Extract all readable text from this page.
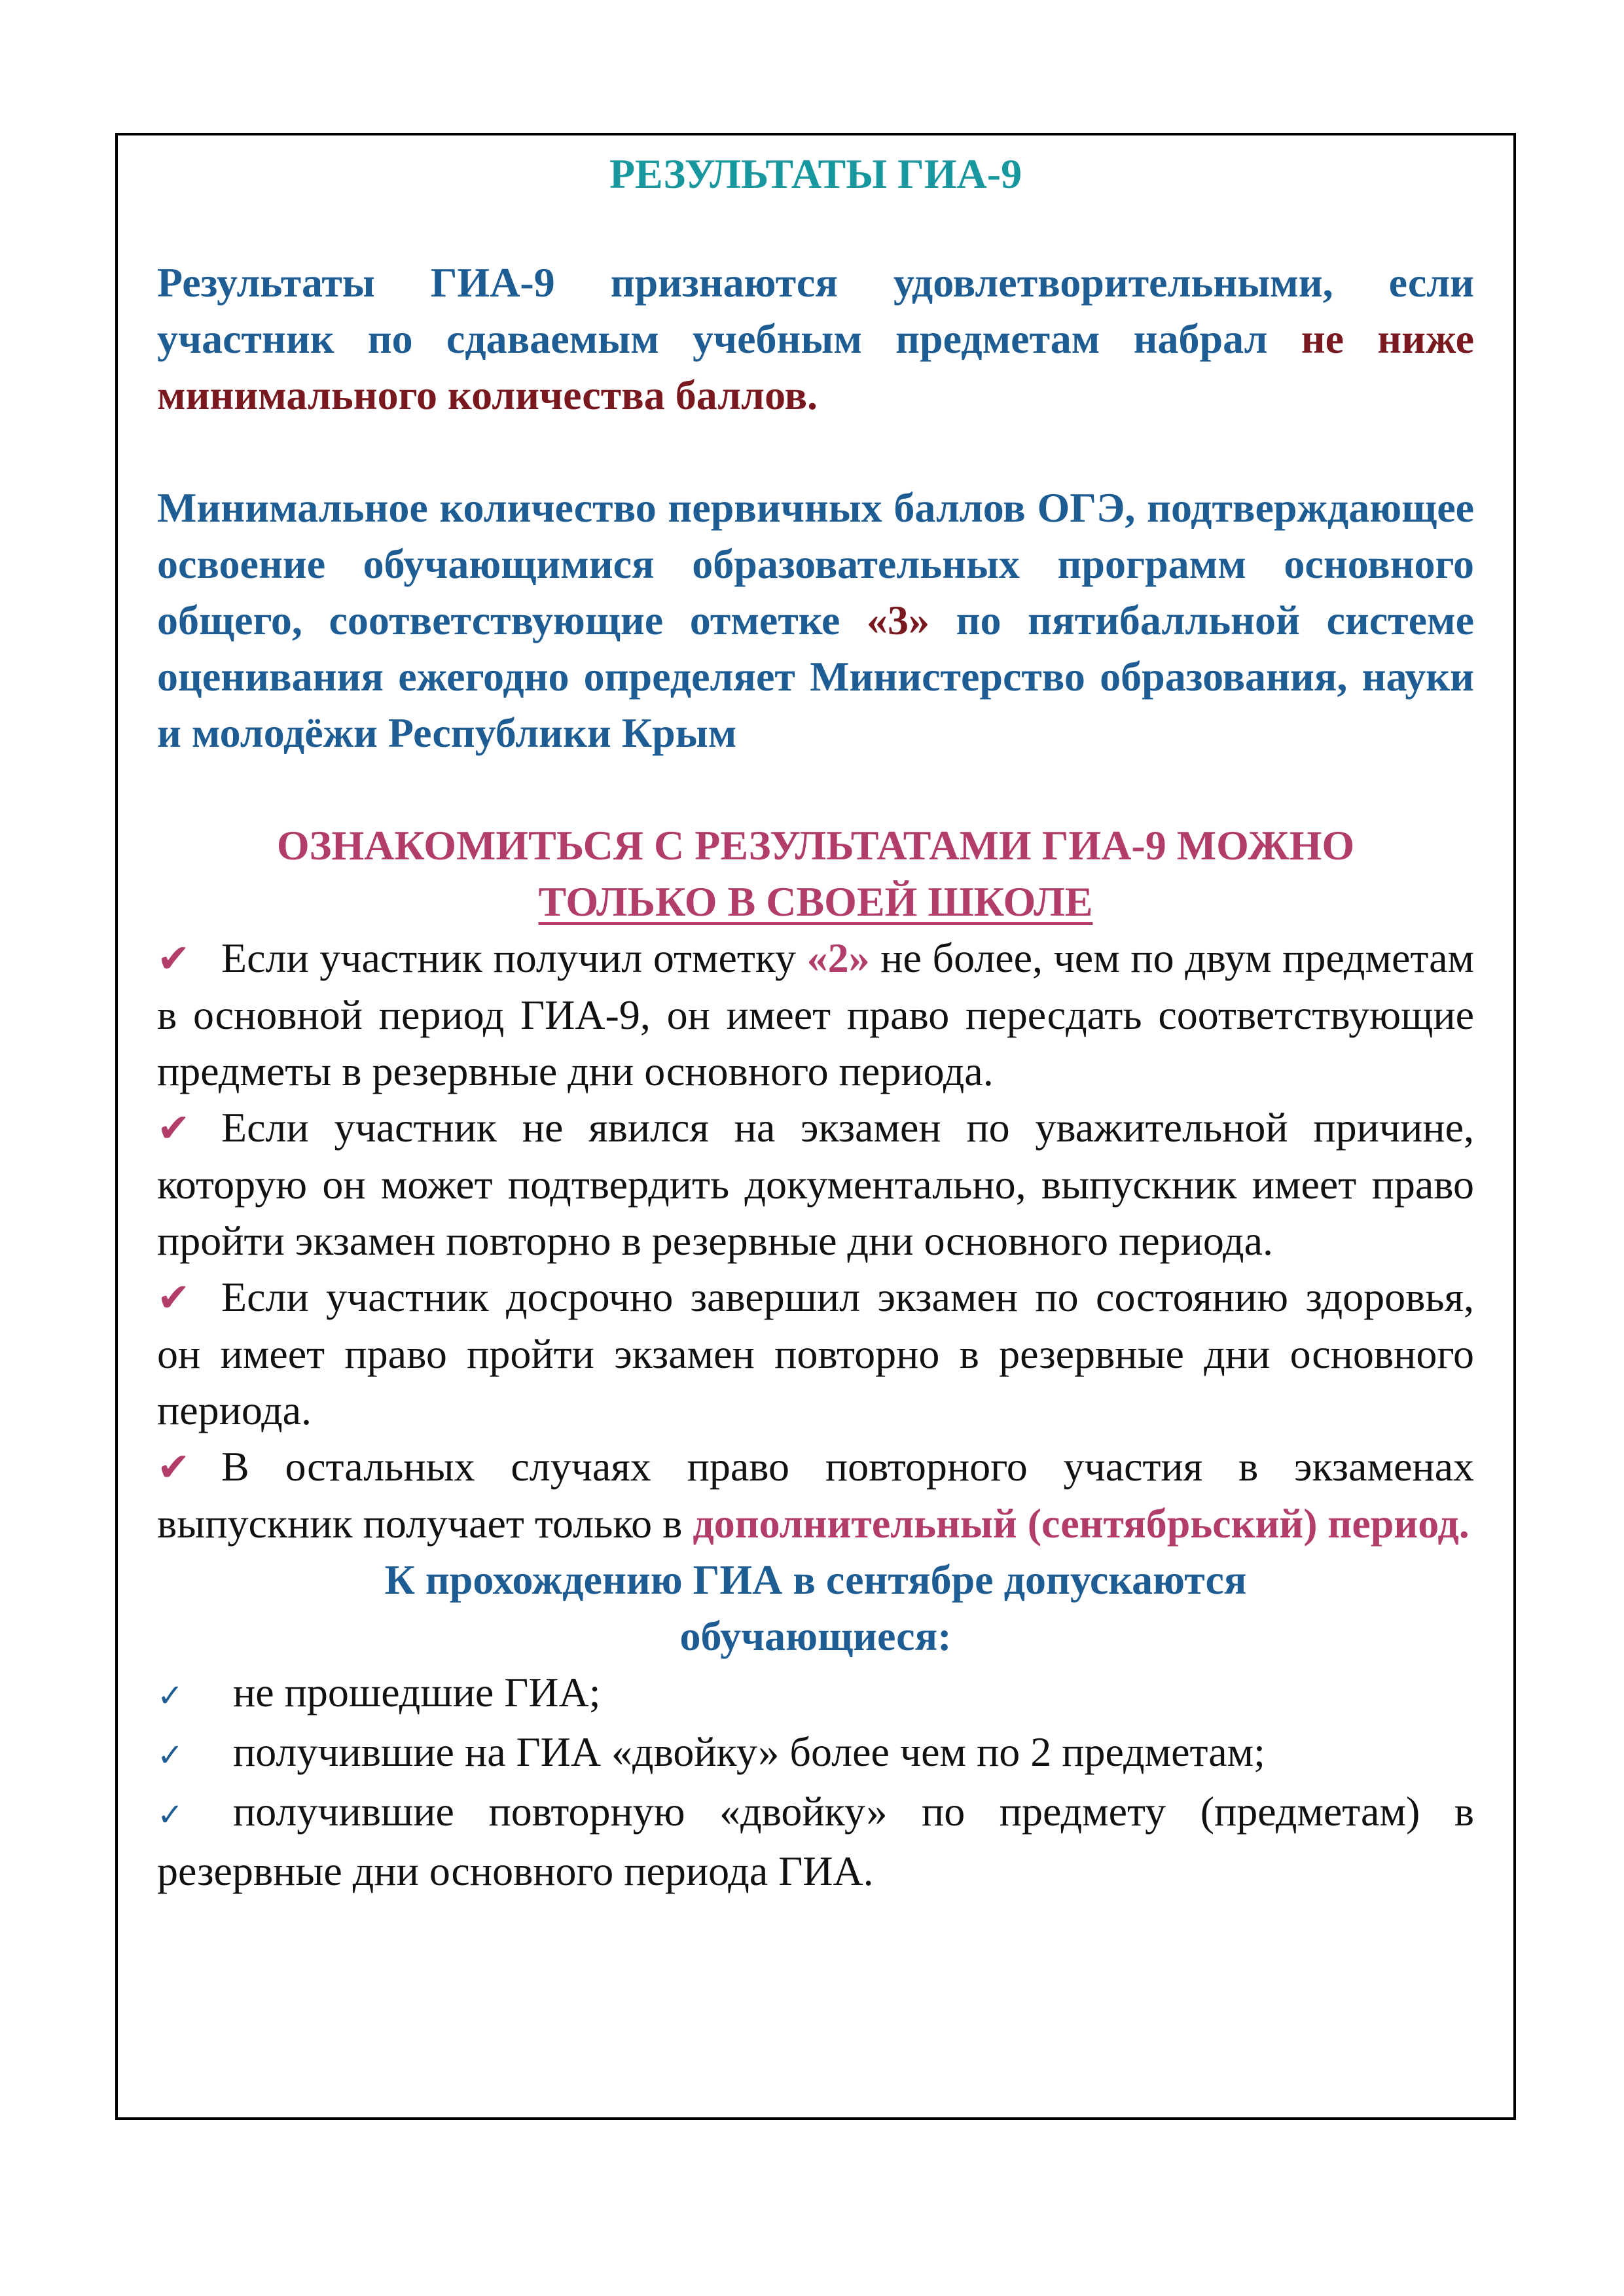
РЕЗУЛЬТАТЫ ГИА-9

Результаты ГИА-9 признаются удовлетворительными, если участник по сдаваемым учебным предметам набрал не ниже минимального количества баллов.

Минимальное количество первичных баллов ОГЭ, подтверждающее освоение обучающимися образовательных программ основного общего, соответствующие отметке «3» по пятибалльной системе оценивания ежегодно определяет Министерство образования, науки и молодёжи Республики Крым

ОЗНАКОМИТЬСЯ С РЕЗУЛЬТАТАМИ ГИА-9 МОЖНО

ТОЛЬКО В СВОЕЙ ШКОЛЕ

✔ Если участник получил отметку «2» не более, чем по двум предметам в основной период ГИА-9, он имеет право пересдать соответствующие предметы в резервные дни основного периода.
✔ Если участник не явился на экзамен по уважительной причине, которую он может подтвердить документально, выпускник имеет право пройти экзамен повторно в резервные дни основного периода.
✔ Если участник досрочно завершил экзамен по состоянию здоровья, он имеет право пройти экзамен повторно в резервные дни основного периода.
✔ В остальных случаях право повторного участия в экзаменах выпускник получает только в дополнительный (сентябрьский) период.

К прохождению ГИА в сентябре допускаются

обучающиеся:

✓ не прошедшие ГИА;
✓ получившие на ГИА «двойку» более чем по 2 предметам;
✓ получившие повторную «двойку» по предмету (предметам) в резервные дни основного периода ГИА.
